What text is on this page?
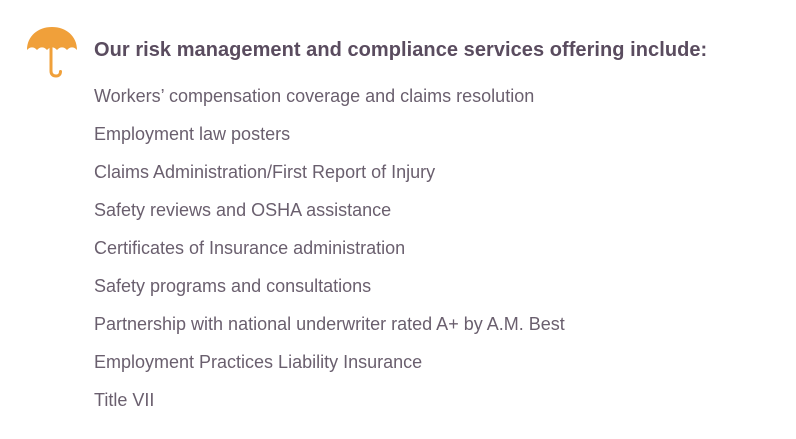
Our risk management and compliance services offering include:
Workers’ compensation coverage and claims resolution
Employment law posters
Claims Administration/First Report of Injury
Safety reviews and OSHA assistance
Certificates of Insurance administration
Safety programs and consultations
Partnership with national underwriter rated A+ by A.M. Best
Employment Practices Liability Insurance
Title VII
